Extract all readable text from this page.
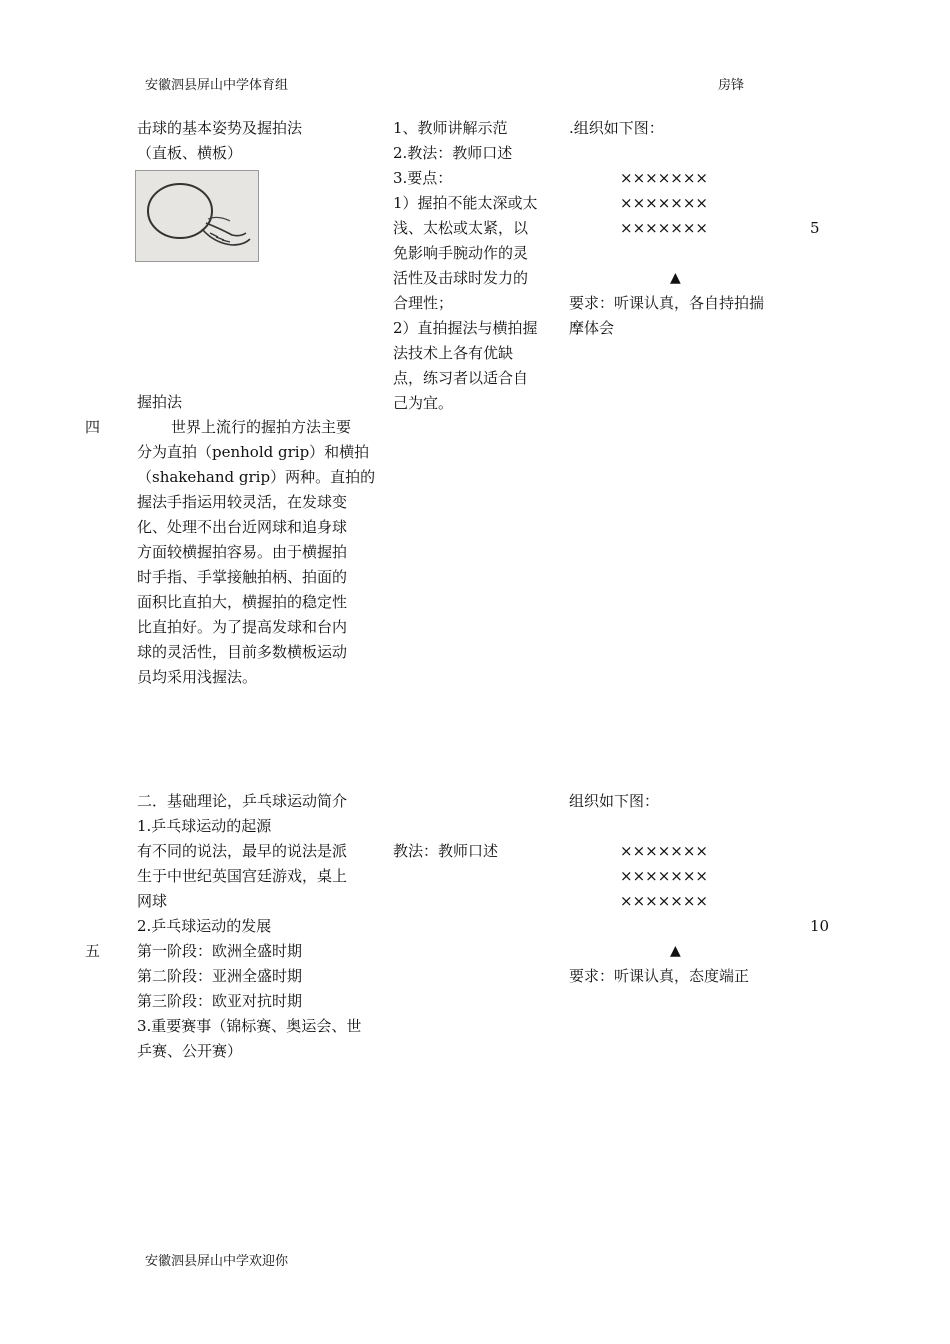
安徽泗县屏山中学体育组	房锋
击球的基本姿势及握拍法
（直板、横板）
握拍法
四	世界上流行的握拍方法主要
分为直拍（penhold grip）和横拍
（shakehand grip）两种。直拍的
握法手指运用较灵活，在发球变
化、处理不出台近网球和追身球
方面较横握拍容易。由于横握拍
时手指、手掌接触拍柄、拍面的
面积比直拍大，横握拍的稳定性
比直拍好。为了提高发球和台内
球的灵活性，目前多数横板运动
员均采用浅握法。
1、教师讲解示范
2.教法：教师口述
3.要点：
1）握拍不能太深或太
浅、太松或太紧，以
免影响手腕动作的灵
活性及击球时发力的
合理性；
2）直拍握法与横拍握
法技术上各有优缺
点，练习者以适合自
己为宜。
.组织如下图：
×××××××
×××××××
×××××××
▲
要求：听课认真，各自持拍揣
摩体会
5
二．基础理论，乒乓球运动简介
1.乒乓球运动的起源
有不同的说法，最早的说法是派
生于中世纪英国宫廷游戏，桌上
网球
2.乒乓球运动的发展
第一阶段：欧洲全盛时期
第二阶段：亚洲全盛时期
第三阶段：欧亚对抗时期
3.重要赛事（锦标赛、奥运会、世
乒赛、公开赛）
五
教法：教师口述
组织如下图：
×××××××
×××××××
×××××××
▲
要求：听课认真，态度端正
10
安徽泗县屏山中学欢迎你
